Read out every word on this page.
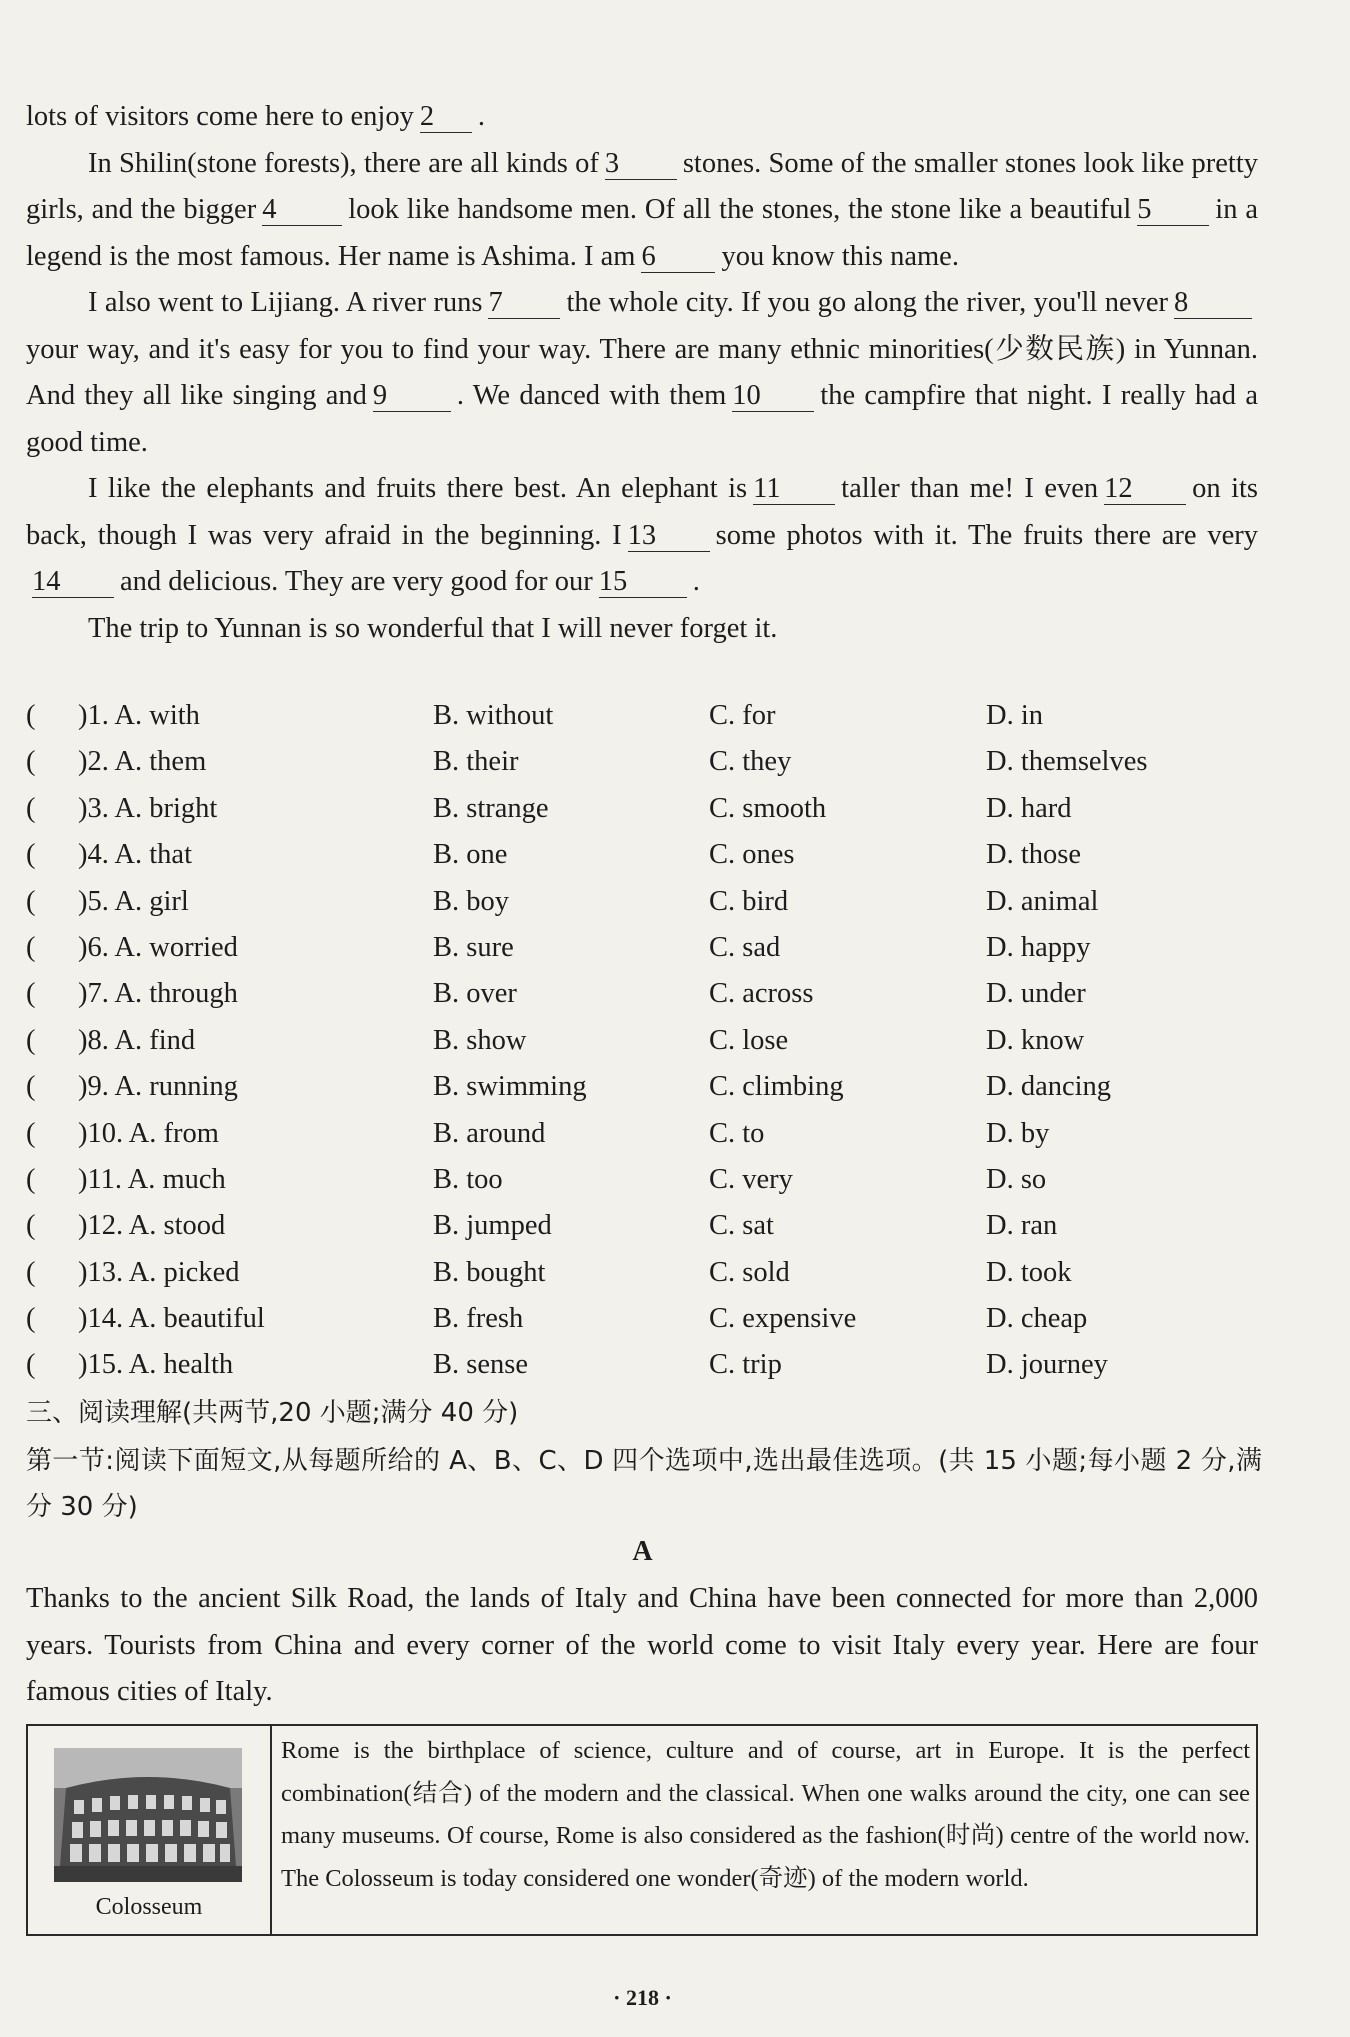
lots of visitors come here to enjoy 2 .
In Shilin(stone forests), there are all kinds of 3 stones. Some of the smaller stones look like pretty girls, and the bigger 4	look like handsome men. Of all the stones, the stone like a beautiful 5 in a legend is the most famous. Her name is Ashima. I am 6 you know this name.
I also went to Lijiang. A river runs 7 the whole city. If you go along the river, you'll never 8your way, and it's easy for you to find your way. There are many ethnic minorities(少数民族) in Yunnan. And they all like singing and 9 . We danced with them 10 the campfire that night. I really had a good time.
I like the elephants and fruits there best. An elephant is 11 taller than me! I even 12 on its back, though I was very afraid in the beginning. I 13 some photos with it. The fruits there are very14 and delicious. They are very good for our 15 .
The trip to Yunnan is so wonderful that I will never forget it.
(	)1. A. with	B. without	C. for	D. in
(	)2. A. them	B. their	C. they	D. themselves
(	)3. A. bright	B. strange	C. smooth	D. hard
(	)4. A. that	B. one	C. ones	D. those
(	)5. A. girl	B. boy	C. bird	D. animal
(	)6. A. worried	B. sure	C. sad	D. happy
(	)7. A. through	B. over	C. across	D. under
(	)8. A. find	B. show	C. lose	D. know
(	)9. A. running	B. swimming	C. climbing	D. dancing
(	)10. A. from	B. around	C. to	D. by
(	)11. A. much	B. too	C. very	D. so
(	)12. A. stood	B. jumped	C. sat	D. ran
(	)13. A. picked	B. bought	C. sold	D. took
(	)14. A. beautiful	B. fresh	C. expensive	D. cheap
(	)15. A. health	B. sense	C. trip	D. journey
三、阅读理解(共两节,20 小题;满分 40 分)
第一节:阅读下面短文,从每题所给的 A、B、C、D 四个选项中,选出最佳选项。(共 15 小题;每小题 2 分,满分 30 分)
A
Thanks to the ancient Silk Road, the lands of Italy and China have been connected for more than 2,000 years. Tourists from China and every corner of the world come to visit Italy every year. Here are four famous cities of Italy.
Colosseum
Rome is the birthplace of science, culture and of course, art in Europe. It is the perfect combination(结合) of the modern and the classical. When one walks around the city, one can see many museums. Of course, Rome is also considered as the fashion(时尚) centre of the world now. The Colosseum is today considered one wonder(奇迹) of the modern world.
· 218 ·
